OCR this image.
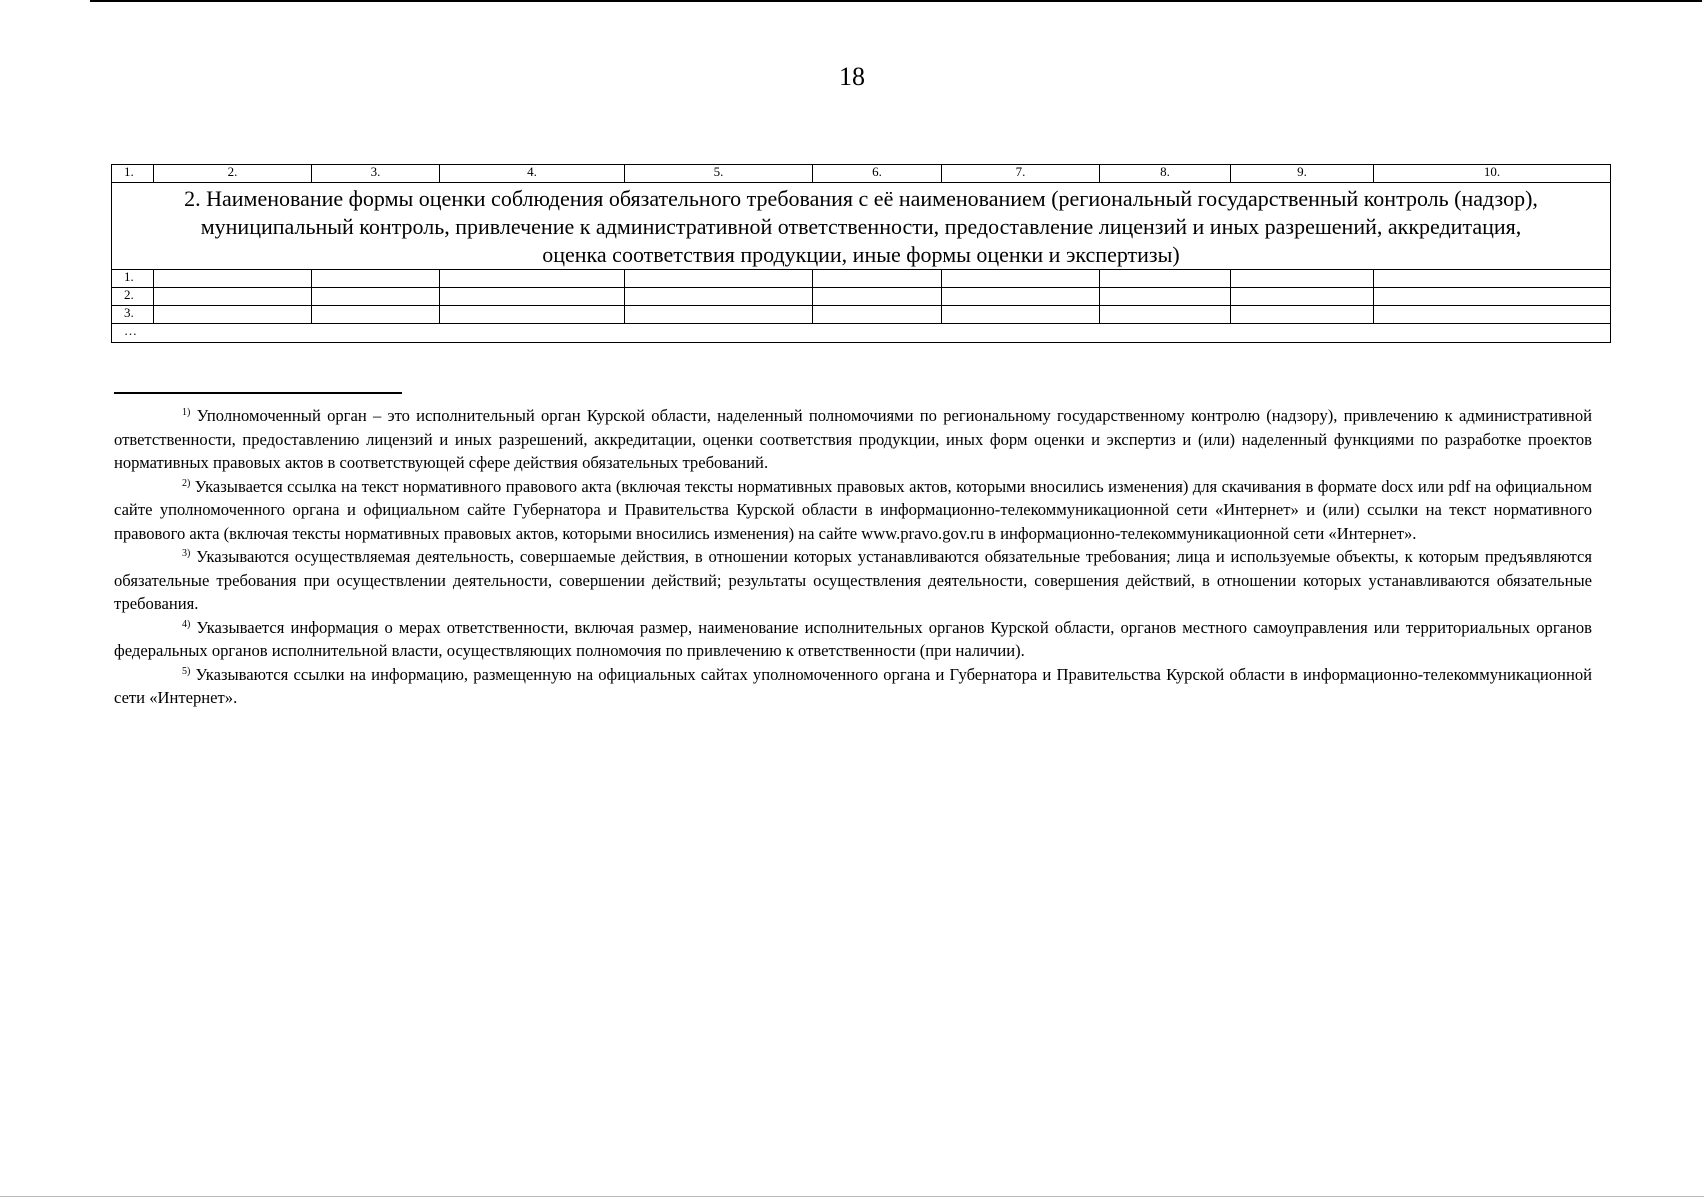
18
1.	2.	3.	4.	5.	6.	7.	8.	9.	10.
2. Наименование формы оценки соблюдения обязательного требования с её наименованием (региональный государственный контроль (надзор), муниципальный контроль, привлечение к административной ответственности, предоставление лицензий и иных разрешений, аккредитация, оценка соответствия продукции, иные формы оценки и экспертизы)									
1.									
2.									
3.									
…									

$^{1)}$ Уполномоченный орган – это исполнительный орган Курской области, наделенный полномочиями по региональному государственному контролю (надзору), привлечению к административной ответственности, предоставлению лицензий и иных разрешений, аккредитации, оценки соответствия продукции, иных форм оценки и экспертиз и (или) наделенный функциями по разработке проектов нормативных правовых актов в соответствующей сфере действия обязательных требований.

$^{2)}$ Указывается ссылка на текст нормативного правового акта (включая тексты нормативных правовых актов, которыми вносились изменения) для скачивания в формате docx или pdf на официальном сайте уполномоченного органа и официальном сайте Губернатора и Правительства Курской области в информационно-телекоммуникационной сети «Интернет» и (или) ссылки на текст нормативного правового акта (включая тексты нормативных правовых актов, которыми вносились изменения) на сайте www.pravo.gov.ru в информационно-телекоммуникационной сети «Интернет».

$^{3)}$ Указываются осуществляемая деятельность, совершаемые действия, в отношении которых устанавливаются обязательные требования; лица и используемые объекты, к которым предъявляются обязательные требования при осуществлении деятельности, совершении действий; результаты осуществления деятельности, совершения действий, в отношении которых устанавливаются обязательные требования.

$^{4)}$ Указывается информация о мерах ответственности, включая размер, наименование исполнительных органов Курской области, органов местного самоуправления или территориальных органов федеральных органов исполнительной власти, осуществляющих полномочия по привлечению к ответственности (при наличии).

$^{5)}$ Указываются ссылки на информацию, размещенную на официальных сайтах уполномоченного органа и Губернатора и Правительства Курской области в информационно-телекоммуникационной сети «Интернет».
